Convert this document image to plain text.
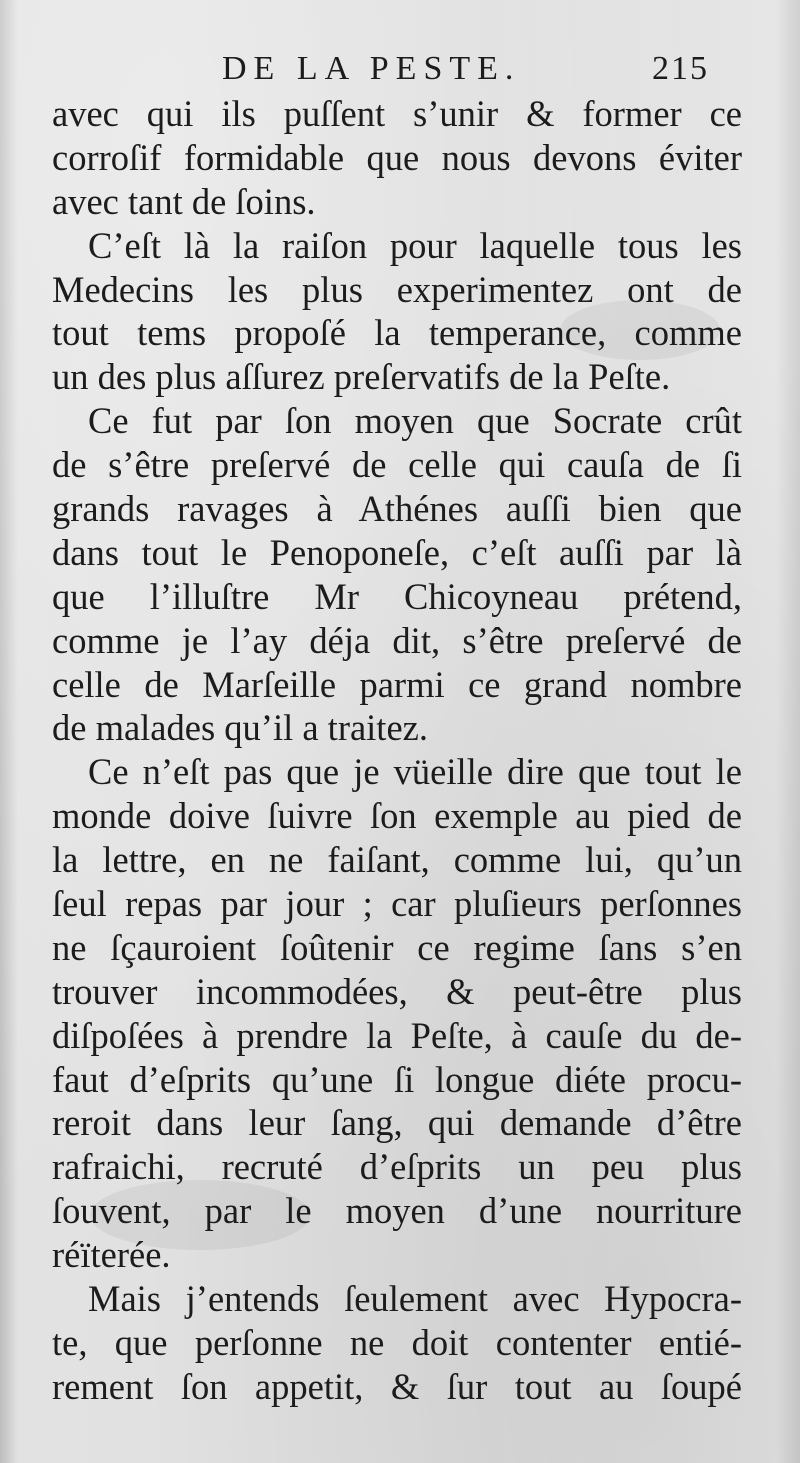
DE LA PESTE.	215
avec qui ils puſſent s’unir & former ce
corroſif formidable que nous devons éviter
avec tant de ſoins.
C’eſt là la raiſon pour laquelle tous les
Medecins les plus experimentez ont de
tout tems propoſé la temperance, comme
un des plus aſſurez preſervatifs de la Peſte.
Ce fut par ſon moyen que Socrate crût
de s’être preſervé de celle qui cauſa de ſi
grands ravages à Athénes auſſi bien que
dans tout le Penoponeſe, c’eſt auſſi par là
que l’illuſtre Mr Chicoyneau prétend,
comme je l’ay déja dit, s’être preſervé de
celle de Marſeille parmi ce grand nombre
de malades qu’il a traitez.
Ce n’eſt pas que je vüeille dire que tout le
monde doive ſuivre ſon exemple au pied de
la lettre, en ne faiſant, comme lui, qu’un
ſeul repas par jour ; car pluſieurs perſonnes
ne ſçauroient ſoûtenir ce regime ſans s’en
trouver incommodées, & peut-être plus
diſpoſées à prendre la Peſte, à cauſe du de-
faut d’eſprits qu’une ſi longue diéte procu-
reroit dans leur ſang, qui demande d’être
rafraichi, recruté d’eſprits un peu plus
ſouvent, par le moyen d’une nourriture
réïterée.
Mais j’entends ſeulement avec Hypocra-
te, que perſonne ne doit contenter entié-
rement ſon appetit, & ſur tout au ſoupé
